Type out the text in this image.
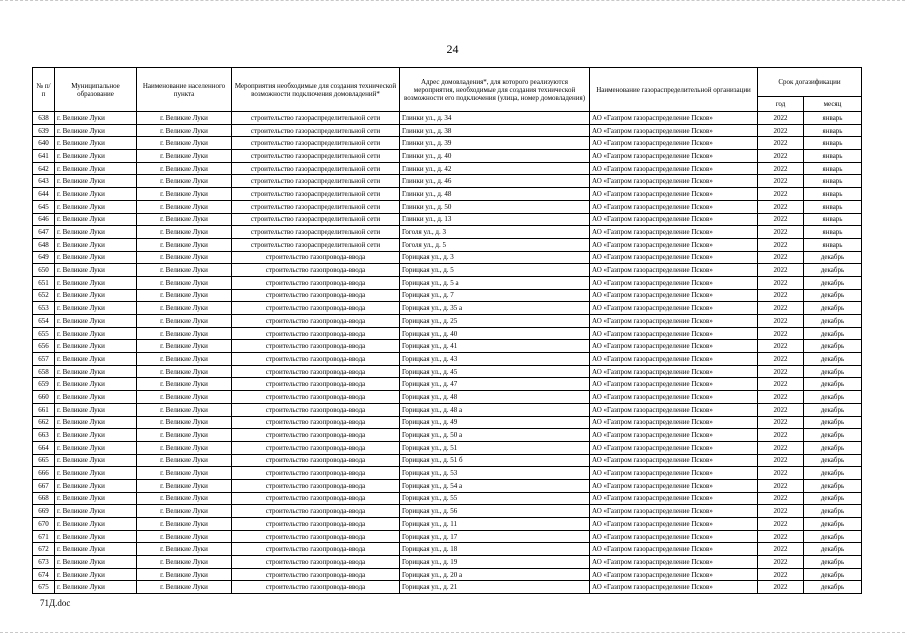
24
№ п/п	Муниципальное образование	Наименование населенного пункта	Мероприятия необходимые для создания технической возможности подключения домовладений*	Адрес домовладения*, для которого реализуются мероприятия, необходимые для создания технической возможности его подключения (улица, номер домовладения)	Наименование газораспределительной организации	Срок догазификации	
						год	месяц
638	г. Великие Луки	г. Великие Луки	строительство газораспределительной сети	Глинки ул., д. 34	АО «Газпром газораспределение Псков»	2022	январь
639	г. Великие Луки	г. Великие Луки	строительство газораспределительной сети	Глинки ул., д. 38	АО «Газпром газораспределение Псков»	2022	январь
640	г. Великие Луки	г. Великие Луки	строительство газораспределительной сети	Глинки ул., д. 39	АО «Газпром газораспределение Псков»	2022	январь
641	г. Великие Луки	г. Великие Луки	строительство газораспределительной сети	Глинки ул., д. 40	АО «Газпром газораспределение Псков»	2022	январь
642	г. Великие Луки	г. Великие Луки	строительство газораспределительной сети	Глинки ул., д. 42	АО «Газпром газораспределение Псков»	2022	январь
643	г. Великие Луки	г. Великие Луки	строительство газораспределительной сети	Глинки ул., д. 46	АО «Газпром газораспределение Псков»	2022	январь
644	г. Великие Луки	г. Великие Луки	строительство газораспределительной сети	Глинки ул., д. 48	АО «Газпром газораспределение Псков»	2022	январь
645	г. Великие Луки	г. Великие Луки	строительство газораспределительной сети	Глинки ул., д. 50	АО «Газпром газораспределение Псков»	2022	январь
646	г. Великие Луки	г. Великие Луки	строительство газораспределительной сети	Глинки ул., д. 13	АО «Газпром газораспределение Псков»	2022	январь
647	г. Великие Луки	г. Великие Луки	строительство газораспределительной сети	Гоголя ул., д. 3	АО «Газпром газораспределение Псков»	2022	январь
648	г. Великие Луки	г. Великие Луки	строительство газораспределительной сети	Гоголя ул., д. 5	АО «Газпром газораспределение Псков»	2022	январь
649	г. Великие Луки	г. Великие Луки	строительство газопровода-ввода	Горицкая ул., д. 3	АО «Газпром газораспределение Псков»	2022	декабрь
650	г. Великие Луки	г. Великие Луки	строительство газопровода-ввода	Горицкая ул., д. 5	АО «Газпром газораспределение Псков»	2022	декабрь
651	г. Великие Луки	г. Великие Луки	строительство газопровода-ввода	Горицкая ул., д. 5 а	АО «Газпром газораспределение Псков»	2022	декабрь
652	г. Великие Луки	г. Великие Луки	строительство газопровода-ввода	Горицкая ул., д. 7	АО «Газпром газораспределение Псков»	2022	декабрь
653	г. Великие Луки	г. Великие Луки	строительство газопровода-ввода	Горицкая ул., д. 35 а	АО «Газпром газораспределение Псков»	2022	декабрь
654	г. Великие Луки	г. Великие Луки	строительство газопровода-ввода	Горицкая ул., д. 25	АО «Газпром газораспределение Псков»	2022	декабрь
655	г. Великие Луки	г. Великие Луки	строительство газопровода-ввода	Горицкая ул., д. 40	АО «Газпром газораспределение Псков»	2022	декабрь
656	г. Великие Луки	г. Великие Луки	строительство газопровода-ввода	Горицкая ул., д. 41	АО «Газпром газораспределение Псков»	2022	декабрь
657	г. Великие Луки	г. Великие Луки	строительство газопровода-ввода	Горицкая ул., д. 43	АО «Газпром газораспределение Псков»	2022	декабрь
658	г. Великие Луки	г. Великие Луки	строительство газопровода-ввода	Горицкая ул., д. 45	АО «Газпром газораспределение Псков»	2022	декабрь
659	г. Великие Луки	г. Великие Луки	строительство газопровода-ввода	Горицкая ул., д. 47	АО «Газпром газораспределение Псков»	2022	декабрь
660	г. Великие Луки	г. Великие Луки	строительство газопровода-ввода	Горицкая ул., д. 48	АО «Газпром газораспределение Псков»	2022	декабрь
661	г. Великие Луки	г. Великие Луки	строительство газопровода-ввода	Горицкая ул., д. 48 а	АО «Газпром газораспределение Псков»	2022	декабрь
662	г. Великие Луки	г. Великие Луки	строительство газопровода-ввода	Горицкая ул., д. 49	АО «Газпром газораспределение Псков»	2022	декабрь
663	г. Великие Луки	г. Великие Луки	строительство газопровода-ввода	Горицкая ул., д. 50 а	АО «Газпром газораспределение Псков»	2022	декабрь
664	г. Великие Луки	г. Великие Луки	строительство газопровода-ввода	Горицкая ул., д. 51	АО «Газпром газораспределение Псков»	2022	декабрь
665	г. Великие Луки	г. Великие Луки	строительство газопровода-ввода	Горицкая ул., д. 51 б	АО «Газпром газораспределение Псков»	2022	декабрь
666	г. Великие Луки	г. Великие Луки	строительство газопровода-ввода	Горицкая ул., д. 53	АО «Газпром газораспределение Псков»	2022	декабрь
667	г. Великие Луки	г. Великие Луки	строительство газопровода-ввода	Горицкая ул., д. 54 а	АО «Газпром газораспределение Псков»	2022	декабрь
668	г. Великие Луки	г. Великие Луки	строительство газопровода-ввода	Горицкая ул., д. 55	АО «Газпром газораспределение Псков»	2022	декабрь
669	г. Великие Луки	г. Великие Луки	строительство газопровода-ввода	Горицкая ул., д. 56	АО «Газпром газораспределение Псков»	2022	декабрь
670	г. Великие Луки	г. Великие Луки	строительство газопровода-ввода	Горицкая ул., д. 11	АО «Газпром газораспределение Псков»	2022	декабрь
671	г. Великие Луки	г. Великие Луки	строительство газопровода-ввода	Горицкая ул., д. 17	АО «Газпром газораспределение Псков»	2022	декабрь
672	г. Великие Луки	г. Великие Луки	строительство газопровода-ввода	Горицкая ул., д. 18	АО «Газпром газораспределение Псков»	2022	декабрь
673	г. Великие Луки	г. Великие Луки	строительство газопровода-ввода	Горицкая ул., д. 19	АО «Газпром газораспределение Псков»	2022	декабрь
674	г. Великие Луки	г. Великие Луки	строительство газопровода-ввода	Горицкая ул., д. 20 а	АО «Газпром газораспределение Псков»	2022	декабрь
675	г. Великие Луки	г. Великие Луки	строительство газопровода-ввода	Горицкая ул., д. 21	АО «Газпром газораспределение Псков»	2022	декабрь
71Д.doc
